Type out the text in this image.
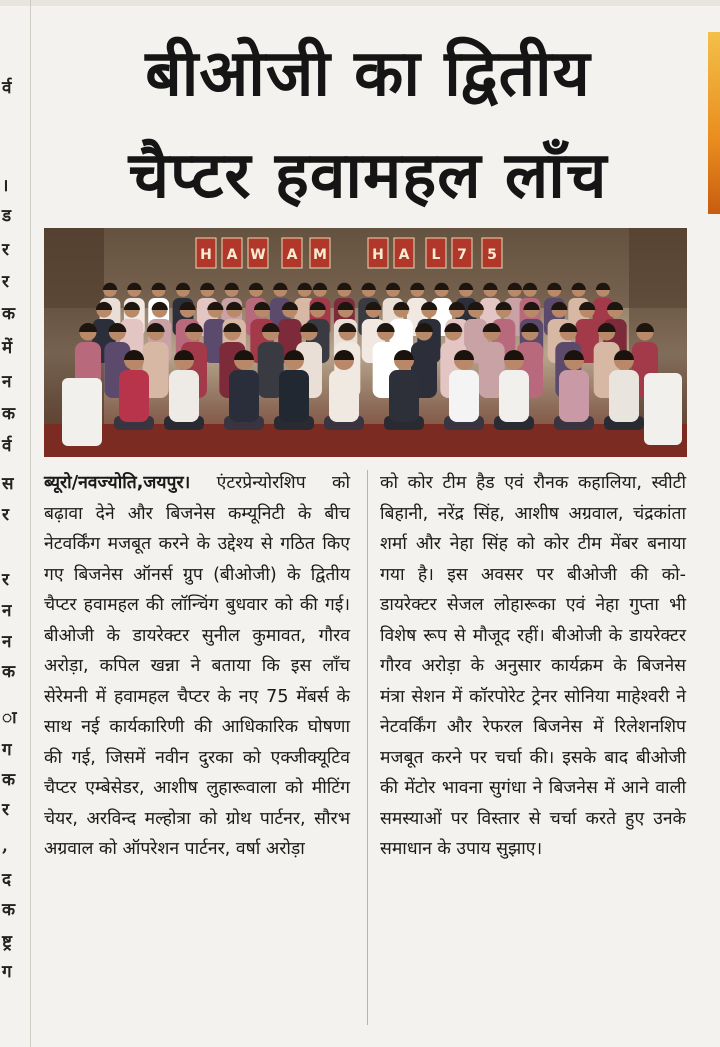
र्व
।
ड
र
र
क
में
न
क
र्व
स
र
र
न
न
क
ा
ग
क
र
,
द
क
ष्ट्र
ग
बीओजी का द्वितीय
चैप्टर हवामहल लाँच
H A W A M	H A L 7 5

ब्यूरो/नवज्योति,जयपुर। एंटरप्रेन्योरशिप को बढ़ावा देने और बिजनेस कम्यूनिटी के बीच नेटवर्किंग मजबूत करने के उद्देश्य से गठित किए गए बिजनेस ऑनर्स ग्रुप (बीओजी) के द्वितीय चैप्टर हवामहल की लॉन्चिंग बुधवार को की गई। बीओजी के डायरेक्टर सुनील कुमावत, गौरव अरोड़ा, कपिल खन्ना ने बताया कि इस लाँच सेरेमनी में हवामहल चैप्टर के नए 75 मेंबर्स के साथ नई कार्यकारिणी की आधिकारिक घोषणा की गई, जिसमें नवीन दुरका को एक्जीक्यूटिव चैप्टर एम्बेसेडर, आशीष लुहारूवाला को मीटिंग चेयर, अरविन्द मल्होत्रा को ग्रोथ पार्टनर, सौरभ अग्रवाल को ऑपरेशन पार्टनर, वर्षा अरोड़ा

को कोर टीम हैड एवं रौनक कहालिया, स्वीटी बिहानी, नरेंद्र सिंह, आशीष अग्रवाल, चंद्रकांता शर्मा और नेहा सिंह को कोर टीम मेंबर बनाया गया है। इस अवसर पर बीओजी की को-डायरेक्टर सेजल लोहारूका एवं नेहा गुप्ता भी विशेष रूप से मौजूद रहीं। बीओजी के डायरेक्टर गौरव अरोड़ा के अनुसार कार्यक्रम के बिजनेस मंत्रा सेशन में कॉरपोरेट ट्रेनर सोनिया माहेश्वरी ने नेटवर्किंग और रेफरल बिजनेस में रिलेशनशिप मजबूत करने पर चर्चा की। इसके बाद बीओजी की मेंटोर भावना सुगंधा ने बिजनेस में आने वाली समस्याओं पर विस्तार से चर्चा करते हुए उनके समाधान के उपाय सुझाए।
